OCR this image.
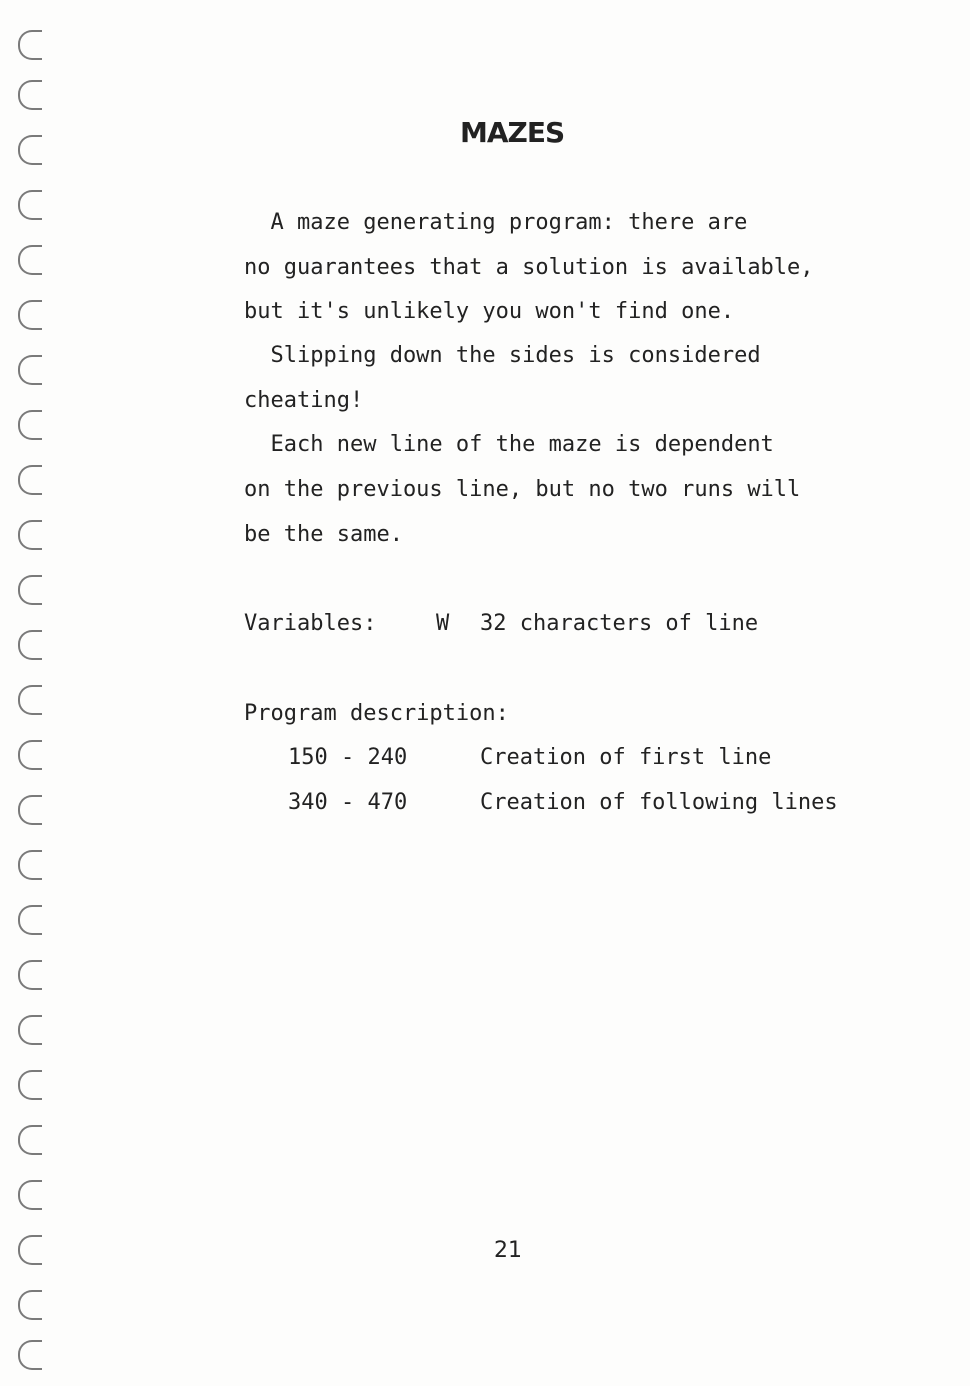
MAZES
A maze generating program: there are
no guarantees that a solution is available,
but it's unlikely you won't find one.
Slipping down the sides is considered
cheating!
Each new line of the maze is dependent
on the previous line, but no two runs will
be the same.
Variables:	W 32 characters of line
Program description:
150 - 240	Creation of first line
340 - 470	Creation of following lines
21
